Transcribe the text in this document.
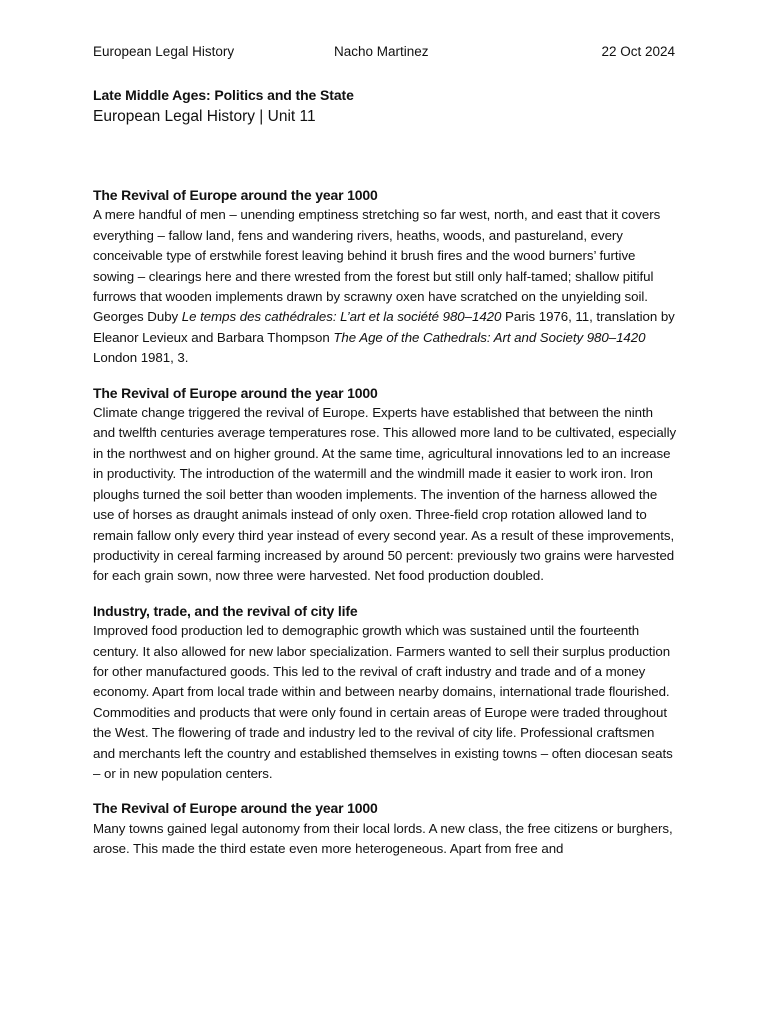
European Legal History	Nacho Martinez	22 Oct 2024
Late Middle Ages: Politics and the State
European Legal History | Unit 11
The Revival of Europe around the year 1000

A mere handful of men – unending emptiness stretching so far west, north, and east that it covers everything – fallow land, fens and wandering rivers, heaths, woods, and pastureland, every conceivable type of erstwhile forest leaving behind it brush fires and the wood burners’ furtive sowing – clearings here and there wrested from the forest but still only half-tamed; shallow pitiful furrows that wooden implements drawn by scrawny oxen have scratched on the unyielding soil.

Georges Duby Le temps des cathédrales: L’art et la société 980–1420 Paris 1976, 11, translation by Eleanor Levieux and Barbara Thompson The Age of the Cathedrals: Art and Society 980–1420 London 1981, 3.

The Revival of Europe around the year 1000

Climate change triggered the revival of Europe. Experts have established that between the ninth and twelfth centuries average temperatures rose. This allowed more land to be cultivated, especially in the northwest and on higher ground. At the same time, agricultural innovations led to an increase in productivity. The introduction of the watermill and the windmill made it easier to work iron. Iron ploughs turned the soil better than wooden implements. The invention of the harness allowed the use of horses as draught animals instead of only oxen. Three-field crop rotation allowed land to remain fallow only every third year instead of every second year. As a result of these improvements, productivity in cereal farming increased by around 50 percent: previously two grains were harvested for each grain sown, now three were harvested. Net food production doubled.

Industry, trade, and the revival of city life

Improved food production led to demographic growth which was sustained until the fourteenth century. It also allowed for new labor specialization. Farmers wanted to sell their surplus production for other manufactured goods. This led to the revival of craft industry and trade and of a money economy. Apart from local trade within and between nearby domains, international trade flourished. Commodities and products that were only found in certain areas of Europe were traded throughout the West. The flowering of trade and industry led to the revival of city life. Professional craftsmen and merchants left the country and established themselves in existing towns – often diocesan seats – or in new population centers.

The Revival of Europe around the year 1000

Many towns gained legal autonomy from their local lords. A new class, the free citizens or burghers, arose. This made the third estate even more heterogeneous. Apart from free and
